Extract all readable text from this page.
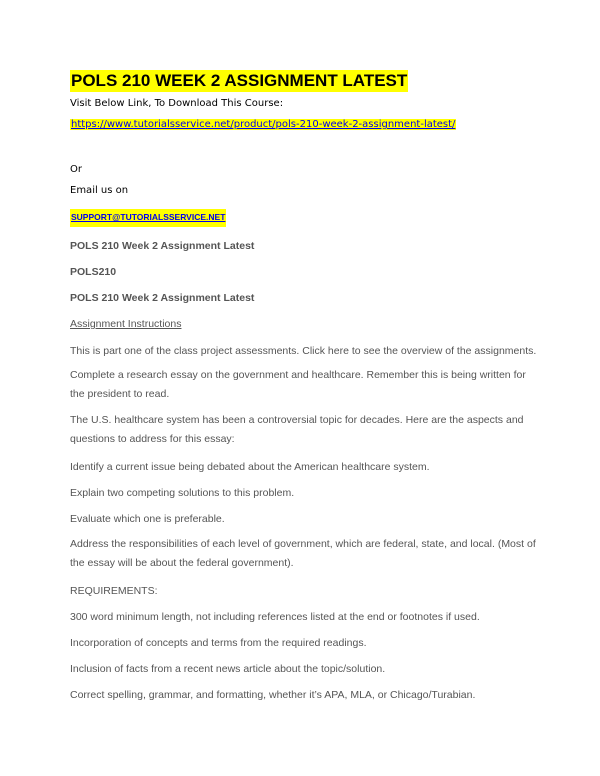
POLS 210 WEEK 2 ASSIGNMENT LATEST
Visit Below Link, To Download This Course:
https://www.tutorialsservice.net/product/pols-210-week-2-assignment-latest/
Or
Email us on
SUPPORT@TUTORIALSSERVICE.NET
POLS 210 Week 2 Assignment Latest
POLS210
POLS 210 Week 2 Assignment Latest
Assignment Instructions
This is part one of the class project assessments. Click here to see the overview of the assignments.
Complete a research essay on the government and healthcare. Remember this is being written for the president to read.
The U.S. healthcare system has been a controversial topic for decades. Here are the aspects and questions to address for this essay:
Identify a current issue being debated about the American healthcare system.
Explain two competing solutions to this problem.
Evaluate which one is preferable.
Address the responsibilities of each level of government, which are federal, state, and local. (Most of the essay will be about the federal government).
REQUIREMENTS:
300 word minimum length, not including references listed at the end or footnotes if used.
Incorporation of concepts and terms from the required readings.
Inclusion of facts from a recent news article about the topic/solution.
Correct spelling, grammar, and formatting, whether it’s APA, MLA, or Chicago/Turabian.
